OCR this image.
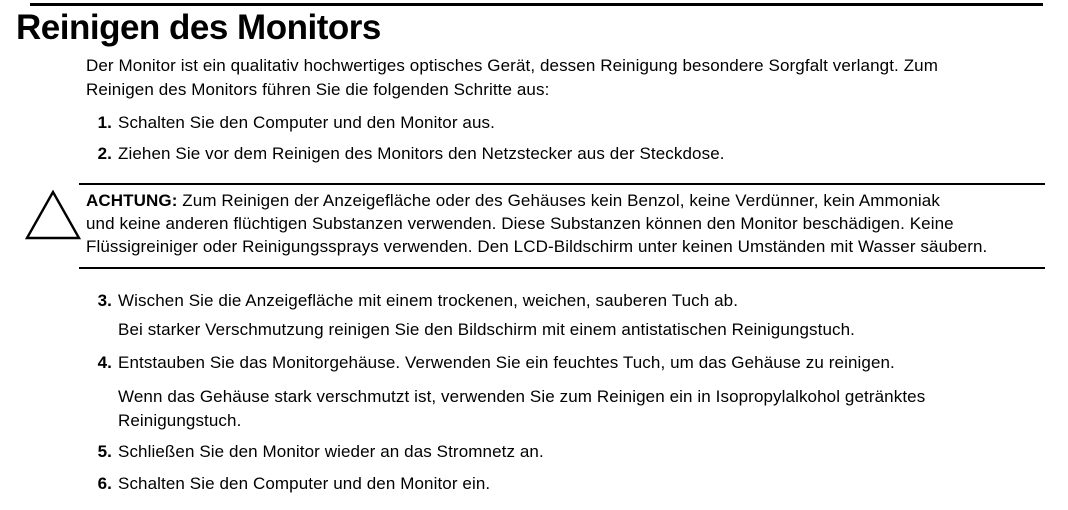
Reinigen des Monitors
Der Monitor ist ein qualitativ hochwertiges optisches Gerät, dessen Reinigung besondere Sorgfalt verlangt. Zum
Reinigen des Monitors führen Sie die folgenden Schritte aus:
1. Schalten Sie den Computer und den Monitor aus.
2. Ziehen Sie vor dem Reinigen des Monitors den Netzstecker aus der Steckdose.
ACHTUNG: Zum Reinigen der Anzeigefläche oder des Gehäuses kein Benzol, keine Verdünner, kein Ammoniak
und keine anderen flüchtigen Substanzen verwenden. Diese Substanzen können den Monitor beschädigen. Keine
Flüssigreiniger oder Reinigungssprays verwenden. Den LCD-Bildschirm unter keinen Umständen mit Wasser säubern.
3. Wischen Sie die Anzeigefläche mit einem trockenen, weichen, sauberen Tuch ab.
Bei starker Verschmutzung reinigen Sie den Bildschirm mit einem antistatischen Reinigungstuch.
4. Entstauben Sie das Monitorgehäuse. Verwenden Sie ein feuchtes Tuch, um das Gehäuse zu reinigen.
Wenn das Gehäuse stark verschmutzt ist, verwenden Sie zum Reinigen ein in Isopropylalkohol getränktes
Reinigungstuch.
5. Schließen Sie den Monitor wieder an das Stromnetz an.
6. Schalten Sie den Computer und den Monitor ein.
